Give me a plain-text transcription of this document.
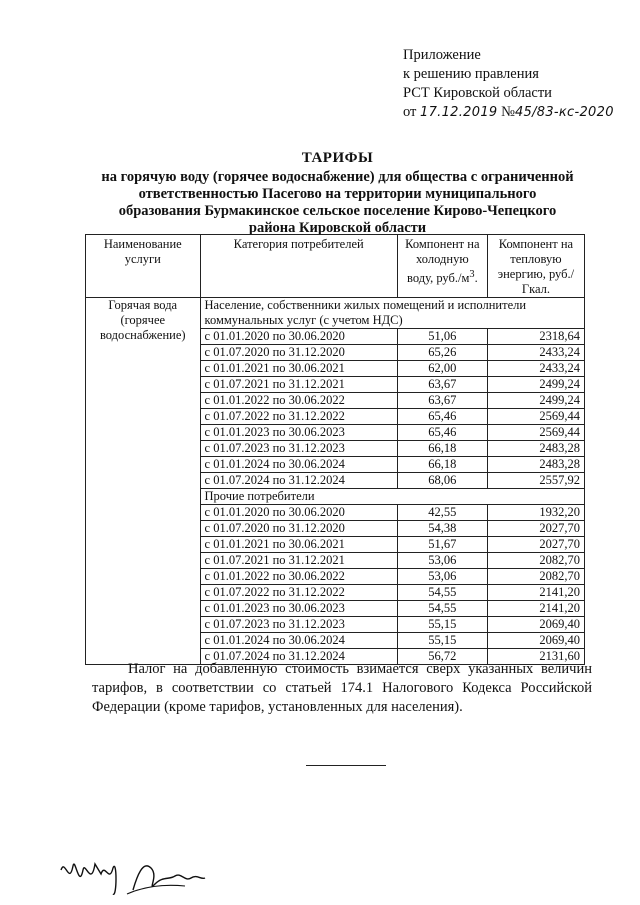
Приложение
к решению правления
РСТ Кировской области
от 17.12.2019 №45/83-кс-2020
ТАРИФЫ
на горячую воду (горячее водоснабжение) для общества с ограниченной
ответственностью Пасегово на территории муниципального
образования Бурмакинское сельское поселение Кирово-Чепецкого
района Кировской области
Наименование услуги	Категория потребителей	Компонент на холодную воду, $руб./м^3$.	Компонент на тепловую энергию, руб./Гкал.
Горячая вода (горячее водоснабжение)	Население, собственники жилых помещений и исполнители коммунальных услуг (с учетом НДС)		
	с 01.01.2020 по 30.06.2020	51,06	2318,64
	с 01.07.2020 по 31.12.2020	65,26	2433,24
	с 01.01.2021 по 30.06.2021	62,00	2433,24
	с 01.07.2021 по 31.12.2021	63,67	2499,24
	с 01.01.2022 по 30.06.2022	63,67	2499,24
	с 01.07.2022 по 31.12.2022	65,46	2569,44
	с 01.01.2023 по 30.06.2023	65,46	2569,44
	с 01.07.2023 по 31.12.2023	66,18	2483,28
	с 01.01.2024 по 30.06.2024	66,18	2483,28
	с 01.07.2024 по 31.12.2024	68,06	2557,92
	Прочие потребители		
	с 01.01.2020 по 30.06.2020	42,55	1932,20
	с 01.07.2020 по 31.12.2020	54,38	2027,70
	с 01.01.2021 по 30.06.2021	51,67	2027,70
	с 01.07.2021 по 31.12.2021	53,06	2082,70
	с 01.01.2022 по 30.06.2022	53,06	2082,70
	с 01.07.2022 по 31.12.2022	54,55	2141,20
	с 01.01.2023 по 30.06.2023	54,55	2141,20
	с 01.07.2023 по 31.12.2023	55,15	2069,40
	с 01.01.2024 по 30.06.2024	55,15	2069,40
	с 01.07.2024 по 31.12.2024	56,72	2131,60
Налог на добавленную стоимость взимается сверх указанных величин тарифов, в соответствии со статьей 174.1 Налогового Кодекса Российской Федерации (кроме тарифов, установленных для населения).
